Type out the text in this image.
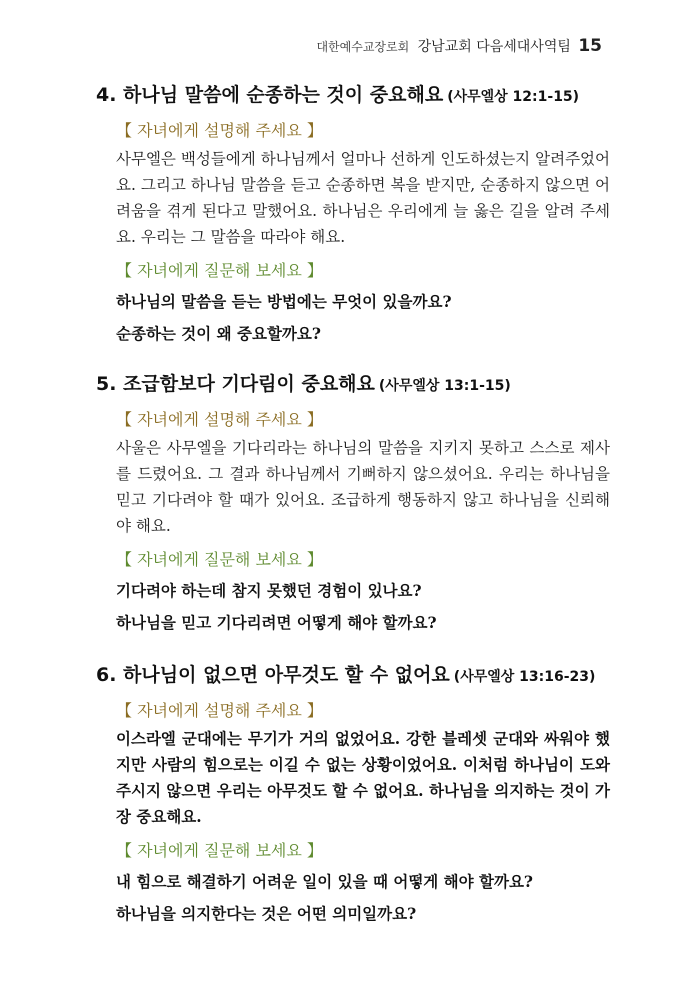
대한예수교장로회 강남교회 다음세대사역팀 15
4. 하나님 말씀에 순종하는 것이 중요해요 (사무엘상 12:1-15)
【 자녀에게 설명해 주세요 】

사무엘은 백성들에게 하나님께서 얼마나 선하게 인도하셨는지 알려주었어요. 그리고 하나님 말씀을 듣고 순종하면 복을 받지만, 순종하지 않으면 어려움을 겪게 된다고 말했어요. 하나님은 우리에게 늘 옳은 길을 알려 주세요. 우리는 그 말씀을 따라야 해요.

【 자녀에게 질문해 보세요 】

하나님의 말씀을 듣는 방법에는 무엇이 있을까요?

순종하는 것이 왜 중요할까요?

5. 조급함보다 기다림이 중요해요 (사무엘상 13:1-15)
【 자녀에게 설명해 주세요 】

사울은 사무엘을 기다리라는 하나님의 말씀을 지키지 못하고 스스로 제사를 드렸어요. 그 결과 하나님께서 기뻐하지 않으셨어요. 우리는 하나님을 믿고 기다려야 할 때가 있어요. 조급하게 행동하지 않고 하나님을 신뢰해야 해요.

【 자녀에게 질문해 보세요 】

기다려야 하는데 참지 못했던 경험이 있나요?

하나님을 믿고 기다리려면 어떻게 해야 할까요?

6. 하나님이 없으면 아무것도 할 수 없어요 (사무엘상 13:16-23)
【 자녀에게 설명해 주세요 】

이스라엘 군대에는 무기가 거의 없었어요. 강한 블레셋 군대와 싸워야 했지만 사람의 힘으로는 이길 수 없는 상황이었어요. 이처럼 하나님이 도와주시지 않으면 우리는 아무것도 할 수 없어요. 하나님을 의지하는 것이 가장 중요해요.

【 자녀에게 질문해 보세요 】

내 힘으로 해결하기 어려운 일이 있을 때 어떻게 해야 할까요?

하나님을 의지한다는 것은 어떤 의미일까요?
